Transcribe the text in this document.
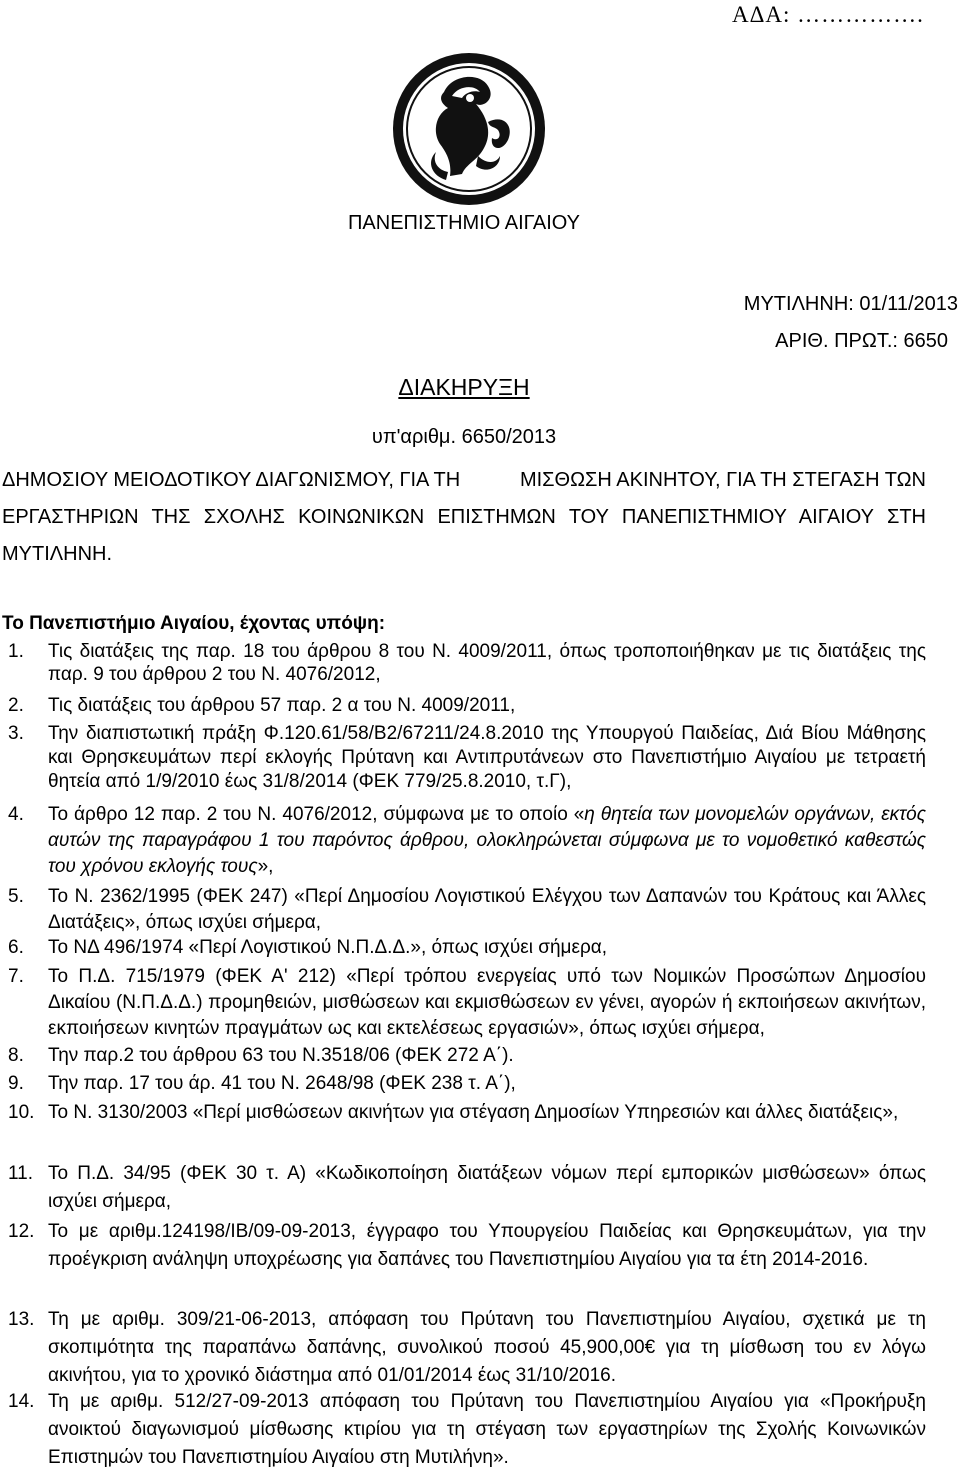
ΑΔΑ: …………….
ΠΑΝΕΠΙΣΤΗΜΙΟ ΑΙΓΑΙΟΥ
ΜΥΤΙΛΗΝΗ: 01/11/2013
ΑΡΙΘ. ΠΡΩΤ.: 6650
ΔΙΑΚΗΡΥΞΗ
υπ'αριθμ. 6650/2013
ΔΗΜΟΣΙΟΥ ΜΕΙΟΔΟΤΙΚΟΥ ΔΙΑΓΩΝΙΣΜΟΥ, ΓΙΑ ΤΗ	ΜΙΣΘΩΣΗ ΑΚΙΝΗΤΟΥ, ΓΙΑ ΤΗ ΣΤΕΓΑΣΗ ΤΩΝ
ΕΡΓΑΣΤΗΡΙΩΝ ΤΗΣ ΣΧΟΛΗΣ ΚΟΙΝΩΝΙΚΩΝ ΕΠΙΣΤΗΜΩΝ ΤΟΥ ΠΑΝΕΠΙΣΤΗΜΙΟΥ ΑΙΓΑΙΟΥ ΣΤΗ ΜΥΤΙΛΗΝΗ.
Το Πανεπιστήμιο Αιγαίου, έχοντας υπόψη:
1. Τις διατάξεις της παρ. 18 του άρθρου 8 του Ν. 4009/2011, όπως τροποποιήθηκαν με τις διατάξεις της παρ. 9 του άρθρου 2 του Ν. 4076/2012,
2. Τις διατάξεις του άρθρου 57 παρ. 2 α του Ν. 4009/2011,
3. Την διαπιστωτική πράξη Φ.120.61/58/Β2/67211/24.8.2010 της Υπουργού Παιδείας, Διά Βίου Μάθησης και Θρησκευμάτων περί εκλογής Πρύτανη και Αντιπρυτάνεων στο Πανεπιστήμιο Αιγαίου με τετραετή θητεία από 1/9/2010 έως 31/8/2014 (ΦΕΚ 779/25.8.2010, τ.Γ),
4. Το άρθρο 12 παρ. 2 του Ν. 4076/2012, σύμφωνα με το οποίο «η θητεία των μονομελών οργάνων, εκτός αυτών της παραγράφου 1 του παρόντος άρθρου, ολοκληρώνεται σύμφωνα με το νομοθετικό καθεστώς του χρόνου εκλογής τους»,
5. Το Ν. 2362/1995 (ΦΕΚ 247) «Περί Δημοσίου Λογιστικού Ελέγχου των Δαπανών του Κράτους και Άλλες Διατάξεις», όπως ισχύει σήμερα,
6. Το ΝΔ 496/1974 «Περί Λογιστικού Ν.Π.Δ.Δ.», όπως ισχύει σήμερα,
7. Το Π.Δ. 715/1979 (ΦΕΚ Α' 212) «Περί τρόπου ενεργείας υπό των Νομικών Προσώπων Δημοσίου Δικαίου (Ν.Π.Δ.Δ.) προμηθειών, μισθώσεων και εκμισθώσεων εν γένει, αγορών ή εκποιήσεων ακινήτων, εκποιήσεων κινητών πραγμάτων ως και εκτελέσεως εργασιών», όπως ισχύει σήμερα,
8. Την παρ.2 του άρθρου 63 του Ν.3518/06 (ΦΕΚ 272 Α΄).
9. Την παρ. 17 του άρ. 41 του Ν. 2648/98 (ΦΕΚ 238 τ. Α΄),
10. Το Ν. 3130/2003 «Περί μισθώσεων ακινήτων για στέγαση Δημοσίων Υπηρεσιών και άλλες διατάξεις»,
11. Το Π.Δ. 34/95 (ΦΕΚ 30 τ. Α) «Κωδικοποίηση διατάξεων νόμων περί εμπορικών μισθώσεων» όπως ισχύει σήμερα,
12. Το με αριθμ.124198/ΙΒ/09-09-2013, έγγραφο του Υπουργείου Παιδείας και Θρησκευμάτων, για την προέγκριση ανάληψη υποχρέωσης για δαπάνες του Πανεπιστημίου Αιγαίου για τα έτη 2014-2016.
13. Τη με αριθμ. 309/21-06-2013, απόφαση του Πρύτανη του Πανεπιστημίου Αιγαίου, σχετικά με τη σκοπιμότητα της παραπάνω δαπάνης, συνολικού ποσού 45,900,00€ για τη μίσθωση του εν λόγω ακινήτου, για το χρονικό διάστημα από 01/01/2014 έως 31/10/2016.
14. Τη με αριθμ. 512/27-09-2013 απόφαση του Πρύτανη του Πανεπιστημίου Αιγαίου για «Προκήρυξη ανοικτού διαγωνισμού μίσθωσης κτιρίου για τη στέγαση των εργαστηρίων της Σχολής Κοινωνικών Επιστημών του Πανεπιστημίου Αιγαίου στη Μυτιλήνη».
